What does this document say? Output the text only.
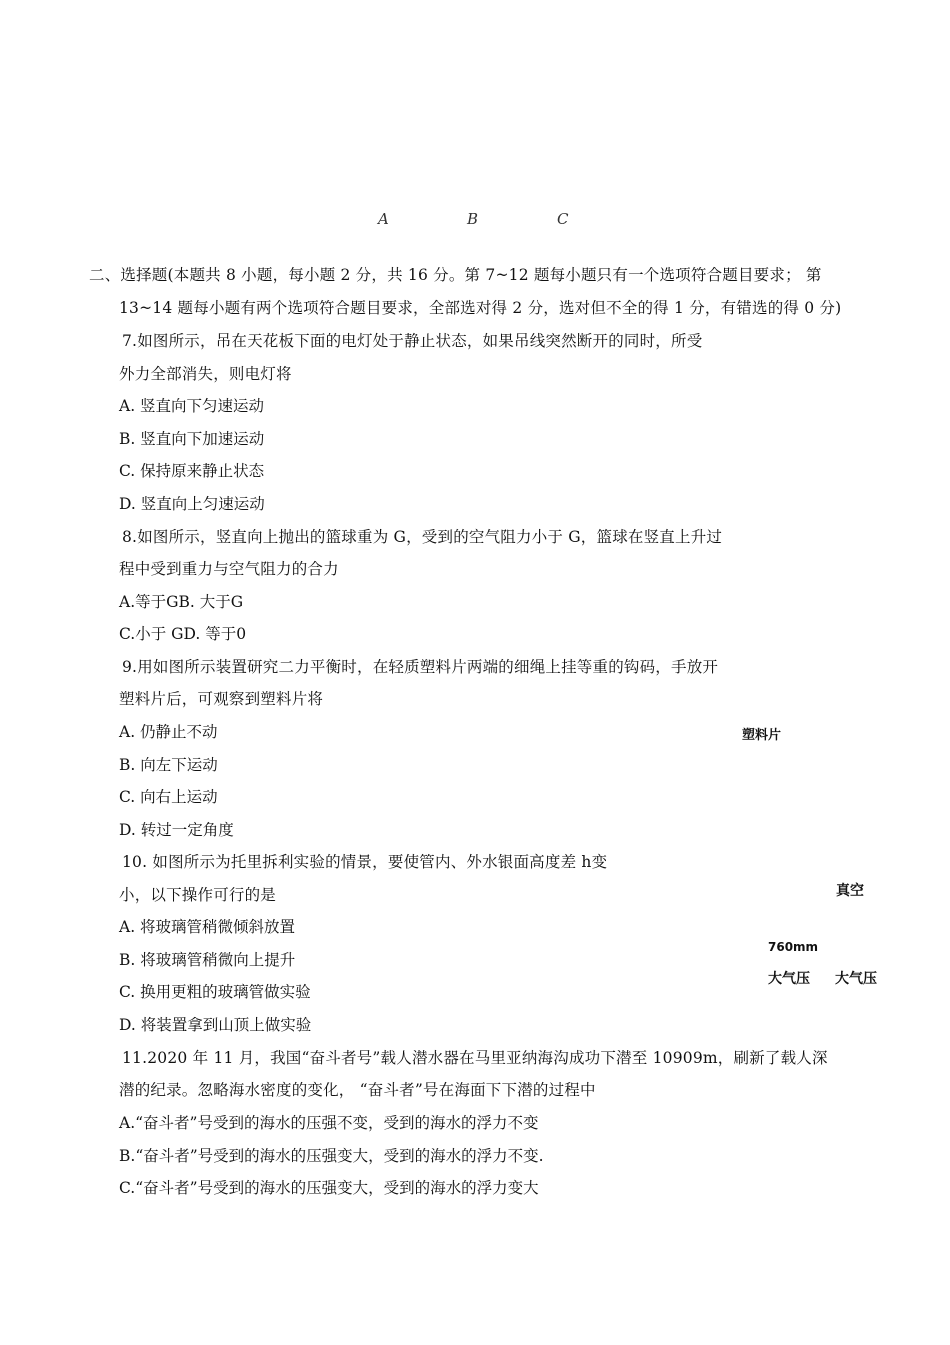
A	B	C
二、选择题(本题共 8 小题，每小题 2 分，共 16 分。第 7~12 题每小题只有一个选项符合题目要求； 第
13~14 题每小题有两个选项符合题目要求，全部选对得 2 分，选对但不全的得 1 分，有错选的得 0 分)
7.如图所示，吊在天花板下面的电灯处于静止状态，如果吊线突然断开的同时，所受
外力全部消失，则电灯将
A. 竖直向下匀速运动
B. 竖直向下加速运动
C. 保持原来静止状态
D. 竖直向上匀速运动
8.如图所示，竖直向上抛出的篮球重为 G，受到的空气阻力小于 G，篮球在竖直上升过
程中受到重力与空气阻力的合力
A.等于GB. 大于G
C.小于 GD. 等于0
9.用如图所示装置研究二力平衡时，在轻质塑料片两端的细绳上挂等重的钩码，手放开
塑料片后，可观察到塑料片将
A. 仍静止不动
B. 向左下运动
C. 向右上运动
D. 转过一定角度
塑料片
10. 如图所示为托里拆利实验的情景，要使管内、外水银面高度差 h变
小，以下操作可行的是
A. 将玻璃管稍微倾斜放置
B. 将玻璃管稍微向上提升
C. 换用更粗的玻璃管做实验
D. 将装置拿到山顶上做实验
真空
760mm
大气压 大气压
11.2020 年 11 月，我国“奋斗者号”载人潜水器在马里亚纳海沟成功下潜至 10909m，刷新了载人深
潜的纪录。忽略海水密度的变化， “奋斗者”号在海面下下潜的过程中
A.“奋斗者”号受到的海水的压强不变，受到的海水的浮力不变
B.“奋斗者”号受到的海水的压强变大，受到的海水的浮力不变.
C.“奋斗者”号受到的海水的压强变大，受到的海水的浮力变大
